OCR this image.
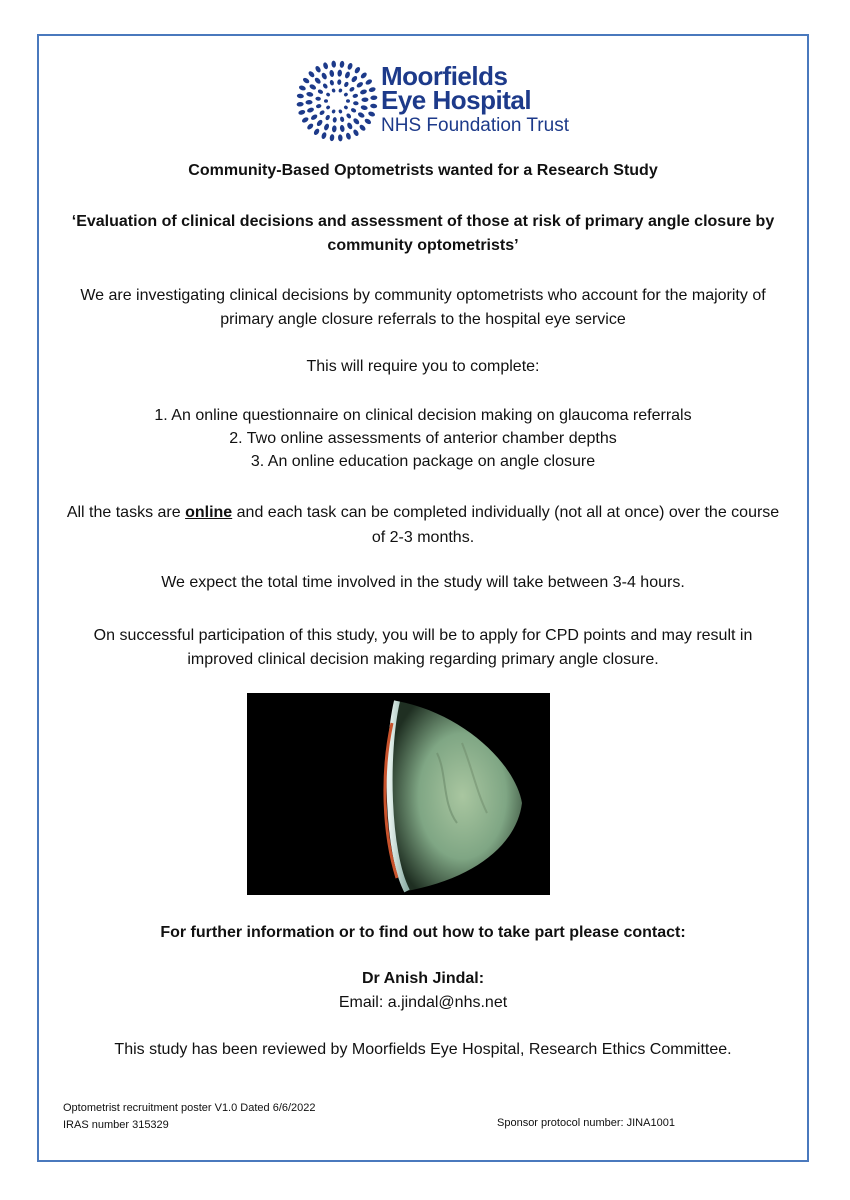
Moorfields
Eye Hospital
NHS Foundation Trust
Community-Based Optometrists wanted for a Research Study
‘Evaluation of clinical decisions and assessment of those at risk of primary angle closure by community optometrists’
We are investigating clinical decisions by community optometrists who account for the majority of primary angle closure referrals to the hospital eye service
This will require you to complete:
1. An online questionnaire on clinical decision making on glaucoma referrals
2. Two online assessments of anterior chamber depths
3. An online education package on angle closure
All the tasks are online and each task can be completed individually (not all at once) over the course of 2-3 months.
We expect the total time involved in the study will take between 3-4 hours.
On successful participation of this study, you will be to apply for CPD points and may result in improved clinical decision making regarding primary angle closure.
For further information or to find out how to take part please contact:
Dr Anish Jindal:
Email: a.jindal@nhs.net
This study has been reviewed by Moorfields Eye Hospital, Research Ethics Committee.
Optometrist recruitment poster V1.0 Dated 6/6/2022
IRAS number 315329	Sponsor protocol number: JINA1001
